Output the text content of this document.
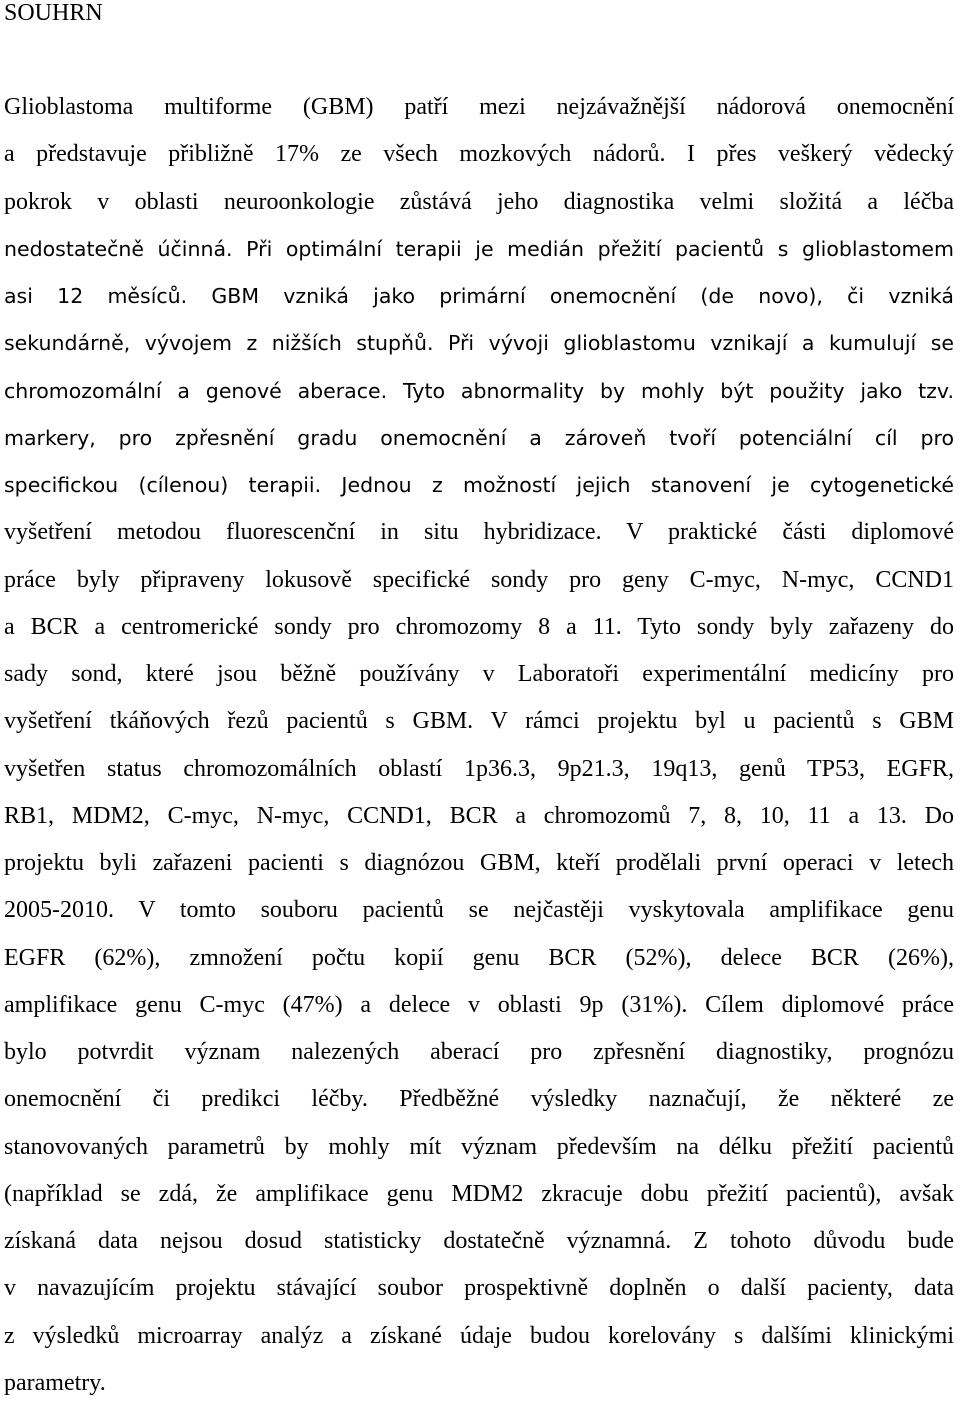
SOUHRN
Glioblastoma multiforme (GBM) patří mezi nejzávažnější nádorová onemocnění
a představuje přibližně 17% ze všech mozkových nádorů. I přes veškerý vědecký
pokrok v oblasti neuroonkologie zůstává jeho diagnostika velmi složitá a léčba
nedostatečně účinná. Při optimální terapii je medián přežití pacientů s glioblastomem
asi 12 měsíců. GBM vzniká jako primární onemocnění (de novo), či vzniká
sekundárně, vývojem z nižších stupňů. Při vývoji glioblastomu vznikají a kumulují se
chromozomální a genové aberace. Tyto abnormality by mohly být použity jako tzv.
markery, pro zpřesnění gradu onemocnění a zároveň tvoří potenciální cíl pro
specifickou (cílenou) terapii. Jednou z možností jejich stanovení je cytogenetické
vyšetření metodou fluorescenční in situ hybridizace. V praktické části diplomové
práce byly připraveny lokusově specifické sondy pro geny C-myc, N-myc, CCND1
a BCR a centromerické sondy pro chromozomy 8 a 11. Tyto sondy byly zařazeny do
sady sond, které jsou běžně používány v Laboratoři experimentální medicíny pro
vyšetření tkáňových řezů pacientů s GBM. V rámci projektu byl u pacientů s GBM
vyšetřen status chromozomálních oblastí 1p36.3, 9p21.3, 19q13, genů TP53, EGFR,
RB1, MDM2, C-myc, N-myc, CCND1, BCR a chromozomů 7, 8, 10, 11 a 13. Do
projektu byli zařazeni pacienti s diagnózou GBM, kteří prodělali první operaci v letech
2005-2010. V tomto souboru pacientů se nejčastěji vyskytovala amplifikace genu
EGFR (62%), zmnožení počtu kopií genu BCR (52%), delece BCR (26%),
amplifikace genu C-myc (47%) a delece v oblasti 9p (31%). Cílem diplomové práce
bylo potvrdit význam nalezených aberací pro zpřesnění diagnostiky, prognózu
onemocnění či predikci léčby. Předběžné výsledky naznačují, že některé ze
stanovovaných parametrů by mohly mít význam především na délku přežití pacientů
(například se zdá, že amplifikace genu MDM2 zkracuje dobu přežití pacientů), avšak
získaná data nejsou dosud statisticky dostatečně významná. Z tohoto důvodu bude
v navazujícím projektu stávající soubor prospektivně doplněn o další pacienty, data
z výsledků microarray analýz a získané údaje budou korelovány s dalšími klinickými
parametry.
